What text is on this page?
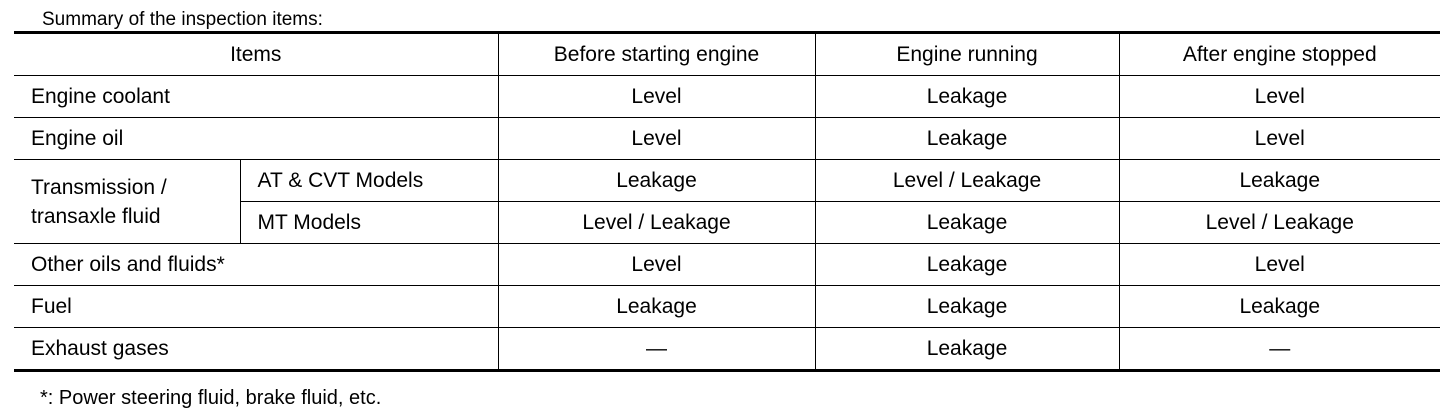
Summary of the inspection items:
Items		Before starting engine	Engine running	After engine stopped
Engine coolant		Level	Leakage	Level
Engine oil		Level	Leakage	Level
Transmission / transaxle fluid	AT & CVT Models	Leakage	Level / Leakage	Leakage
	MT Models	Level / Leakage	Leakage	Level / Leakage
Other oils and fluids*		Level	Leakage	Level
Fuel		Leakage	Leakage	Leakage
Exhaust gases		—	Leakage	—
*: Power steering fluid, brake fluid, etc.
